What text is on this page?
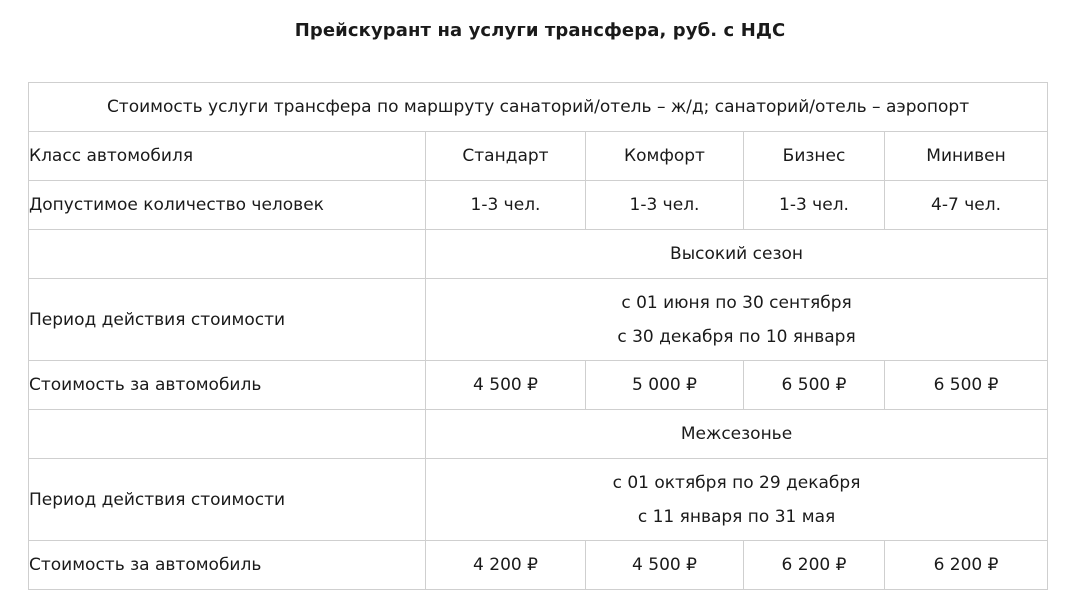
Прейскурант на услуги трансфера, руб. с НДС
Стоимость услуги трансфера по маршруту санаторий/отель – ж/д; санаторий/отель – аэропорт				
Класс автомобиля	Стандарт	Комфорт	Бизнес	Минивен
Допустимое количество человек	1-3 чел.	1-3 чел.	1-3 чел.	4-7 чел.
	Высокий сезон			
Период действия стоимости	с 01 июня по 30 сентября
с 30 декабря по 10 января			

Стоимость за автомобиль	4 500 ₽	5 000 ₽	6 500 ₽	6 500 ₽
	Межсезонье			
Период действия стоимости	с 01 октября по 29 декабря
с 11 января по 31 мая			

Стоимость за автомобиль	4 200 ₽	4 500 ₽	6 200 ₽	6 200 ₽
